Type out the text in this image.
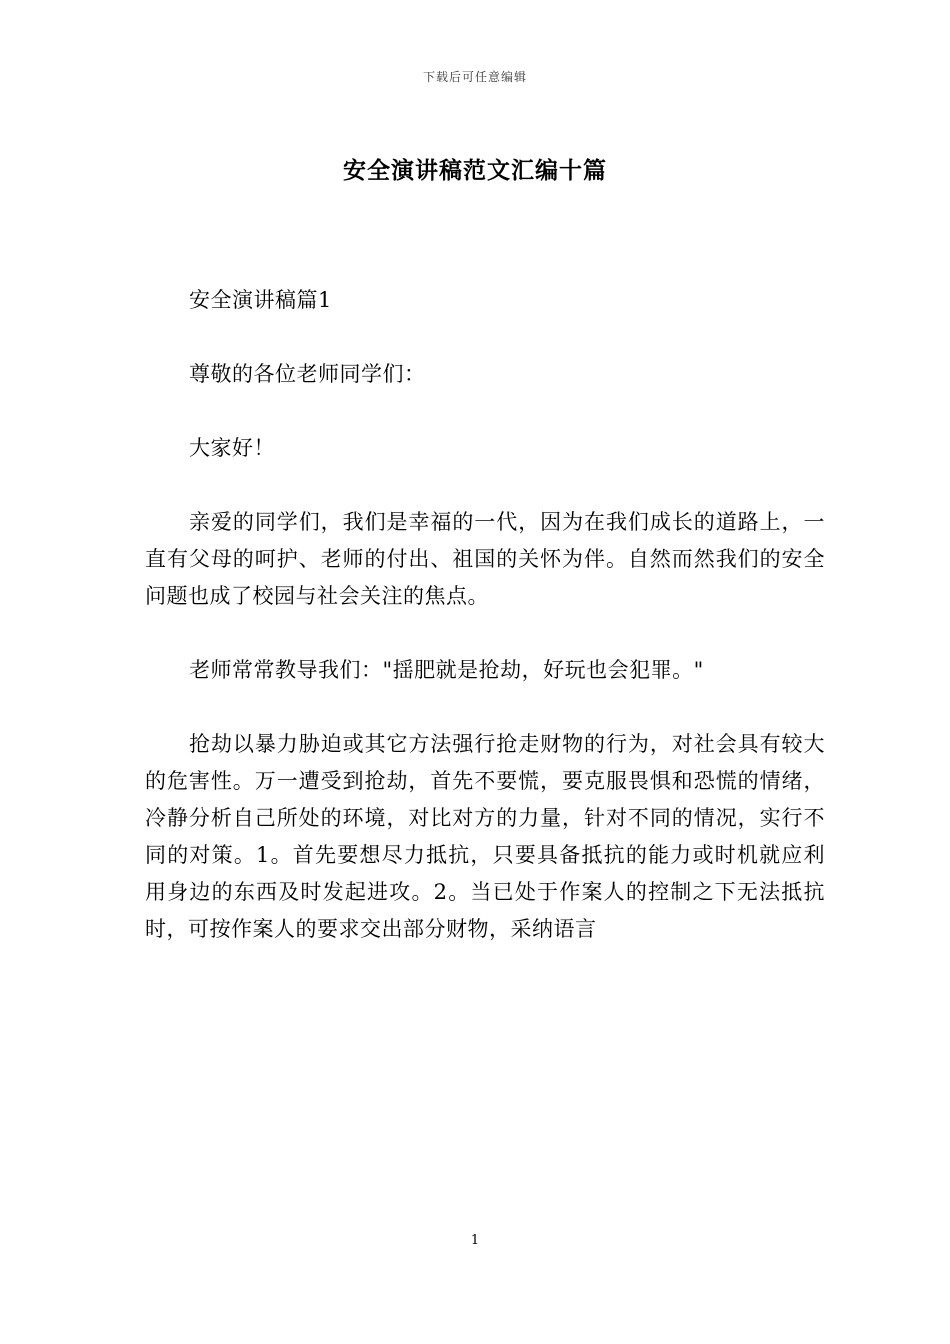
下载后可任意编辑
安全演讲稿范文汇编十篇

安全演讲稿篇1

尊敬的各位老师同学们：

大家好！

亲爱的同学们，我们是幸福的一代，因为在我们成长的道路上，一直有父母的呵护、老师的付出、祖国的关怀为伴。自然而然我们的安全问题也成了校园与社会关注的焦点。

老师常常教导我们："揺肥就是抢劫，好玩也会犯罪。"

抢劫以暴力胁迫或其它方法强行抢走财物的行为，对社会具有较大的危害性。万一遭受到抢劫，首先不要慌，要克服畏惧和恐慌的情绪，冷静分析自己所处的环境，对比对方的力量，针对不同的情况，实行不同的对策。1。首先要想尽力抵抗，只要具备抵抗的能力或时机就应利用身边的东西及时发起进攻。2。当已处于作案人的控制之下无法抵抗时，可按作案人的要求交出部分财物，采纳语言

1
